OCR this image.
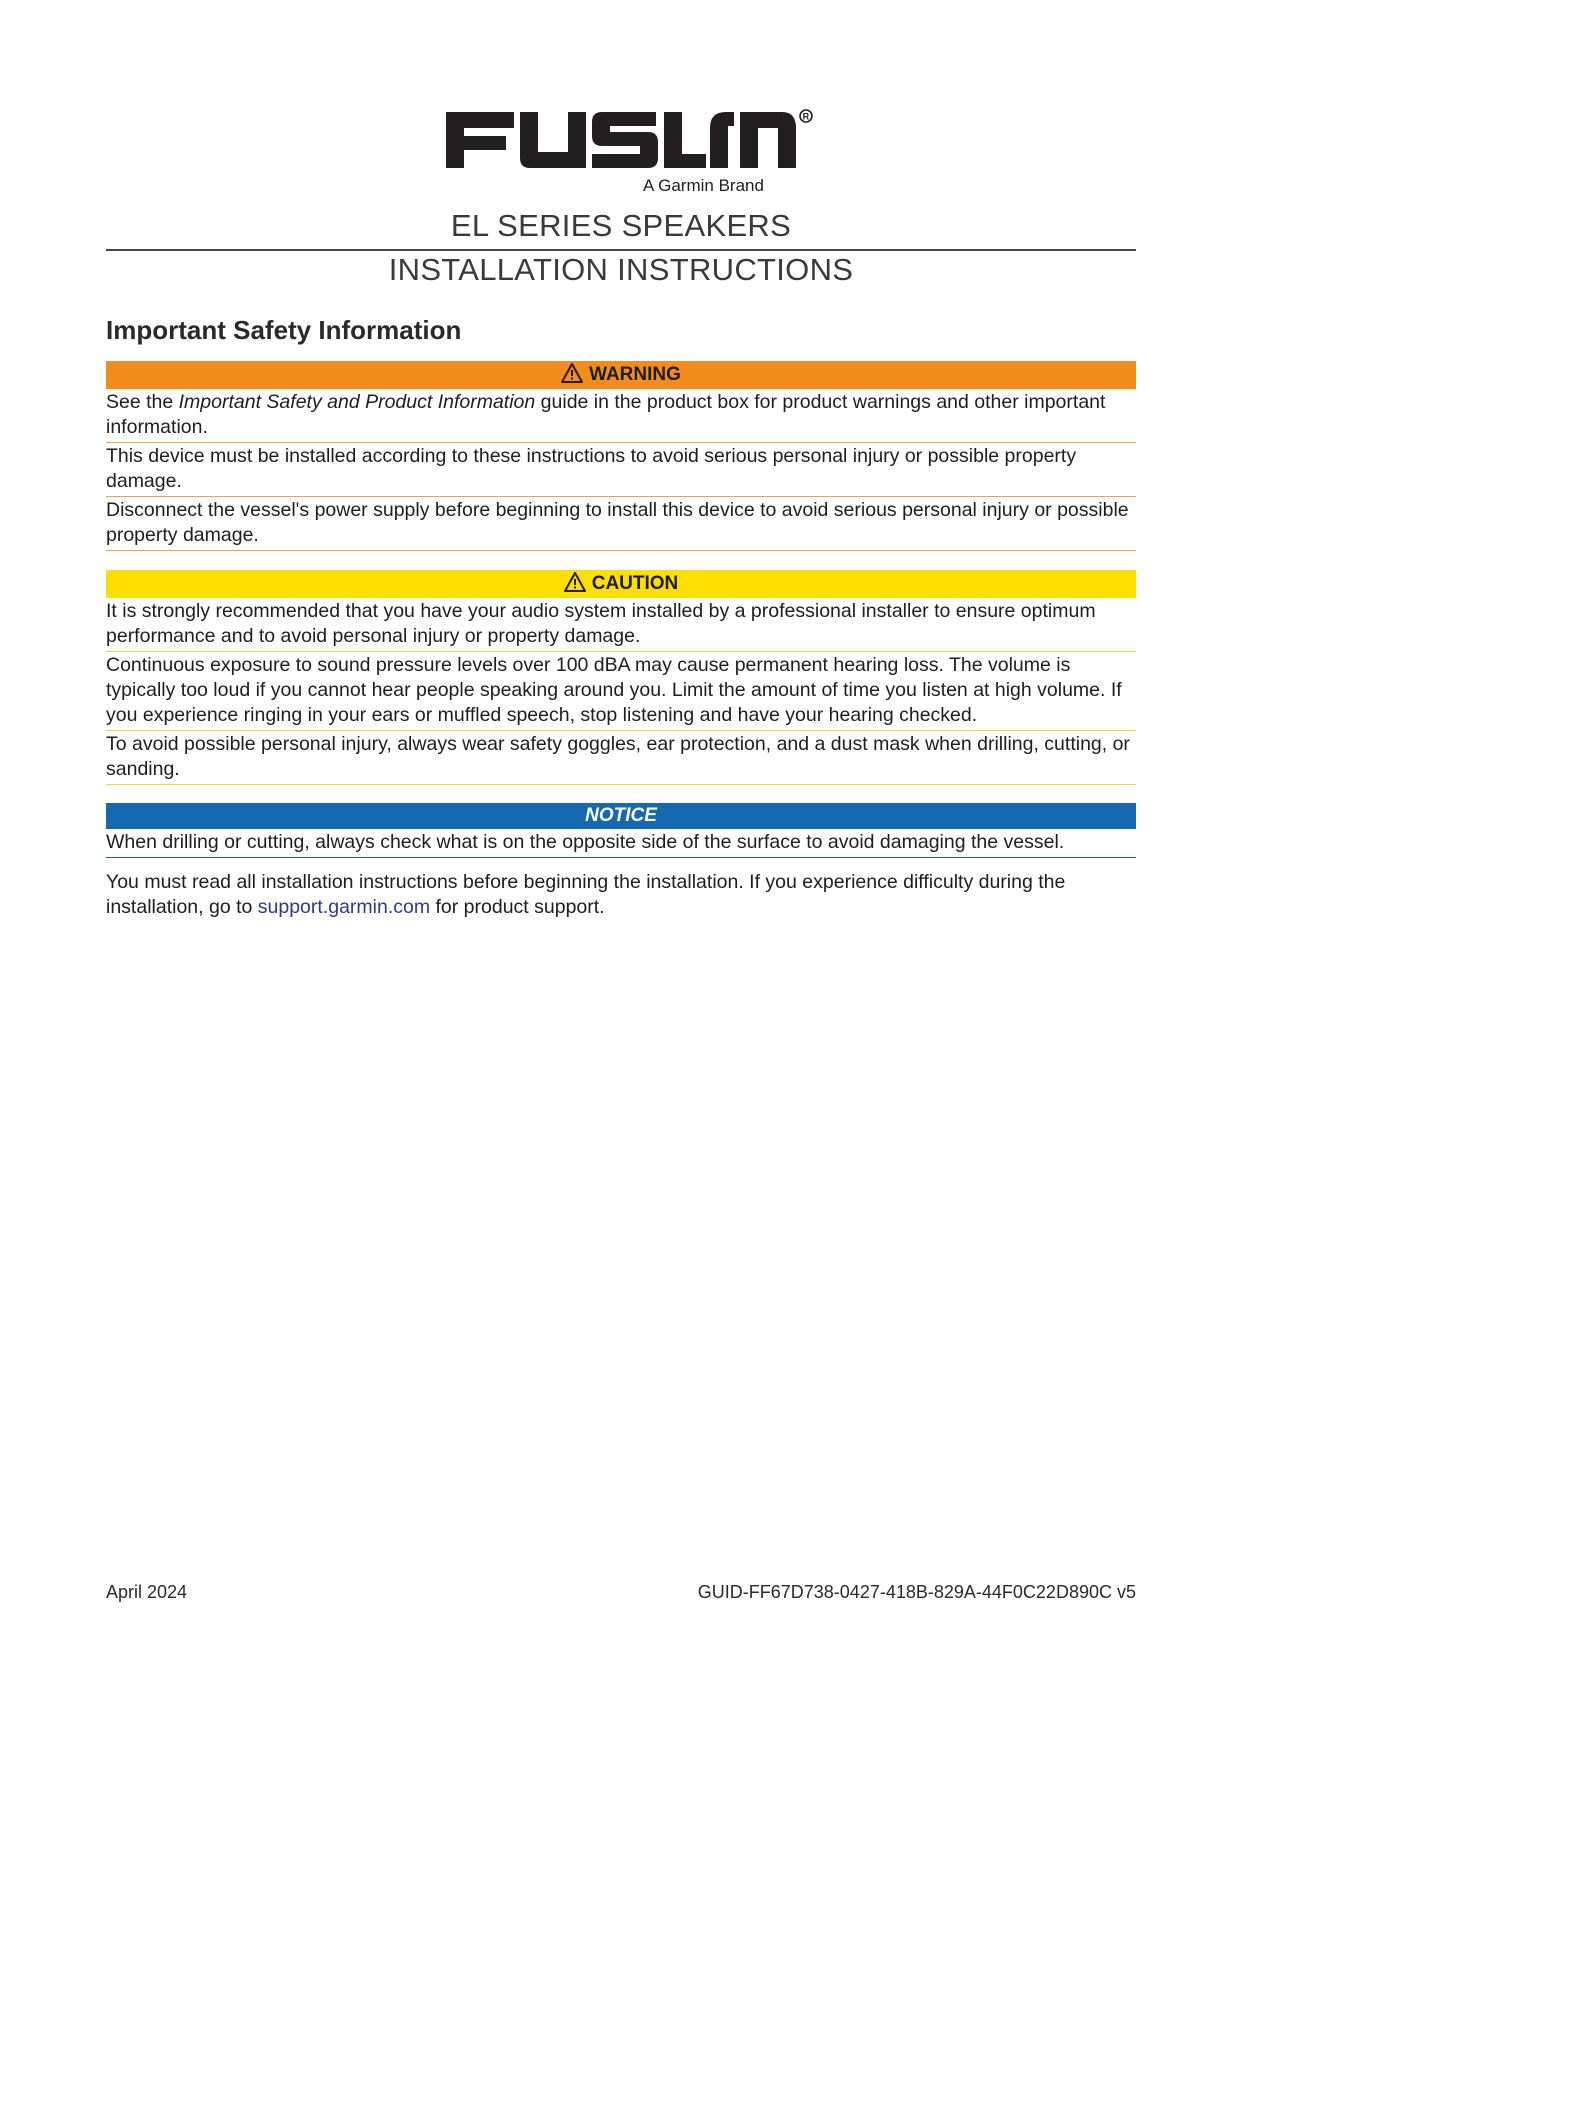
R
A Garmin Brand
EL SERIES SPEAKERS
INSTALLATION INSTRUCTIONS
Important Safety Information
WARNING
See the Important Safety and Product Information guide in the product box for product warnings and other important information.
This device must be installed according to these instructions to avoid serious personal injury or possible property damage.
Disconnect the vessel's power supply before beginning to install this device to avoid serious personal injury or possible property damage.
CAUTION
It is strongly recommended that you have your audio system installed by a professional installer to ensure optimum performance and to avoid personal injury or property damage.
Continuous exposure to sound pressure levels over 100 dBA may cause permanent hearing loss. The volume is typically too loud if you cannot hear people speaking around you. Limit the amount of time you listen at high volume. If you experience ringing in your ears or muffled speech, stop listening and have your hearing checked.
To avoid possible personal injury, always wear safety goggles, ear protection, and a dust mask when drilling, cutting, or sanding.
NOTICE
When drilling or cutting, always check what is on the opposite side of the surface to avoid damaging the vessel.
You must read all installation instructions before beginning the installation. If you experience difficulty during the installation, go to support.garmin.com for product support.
April 2024	GUID-FF67D738-0427-418B-829A-44F0C22D890C v5
